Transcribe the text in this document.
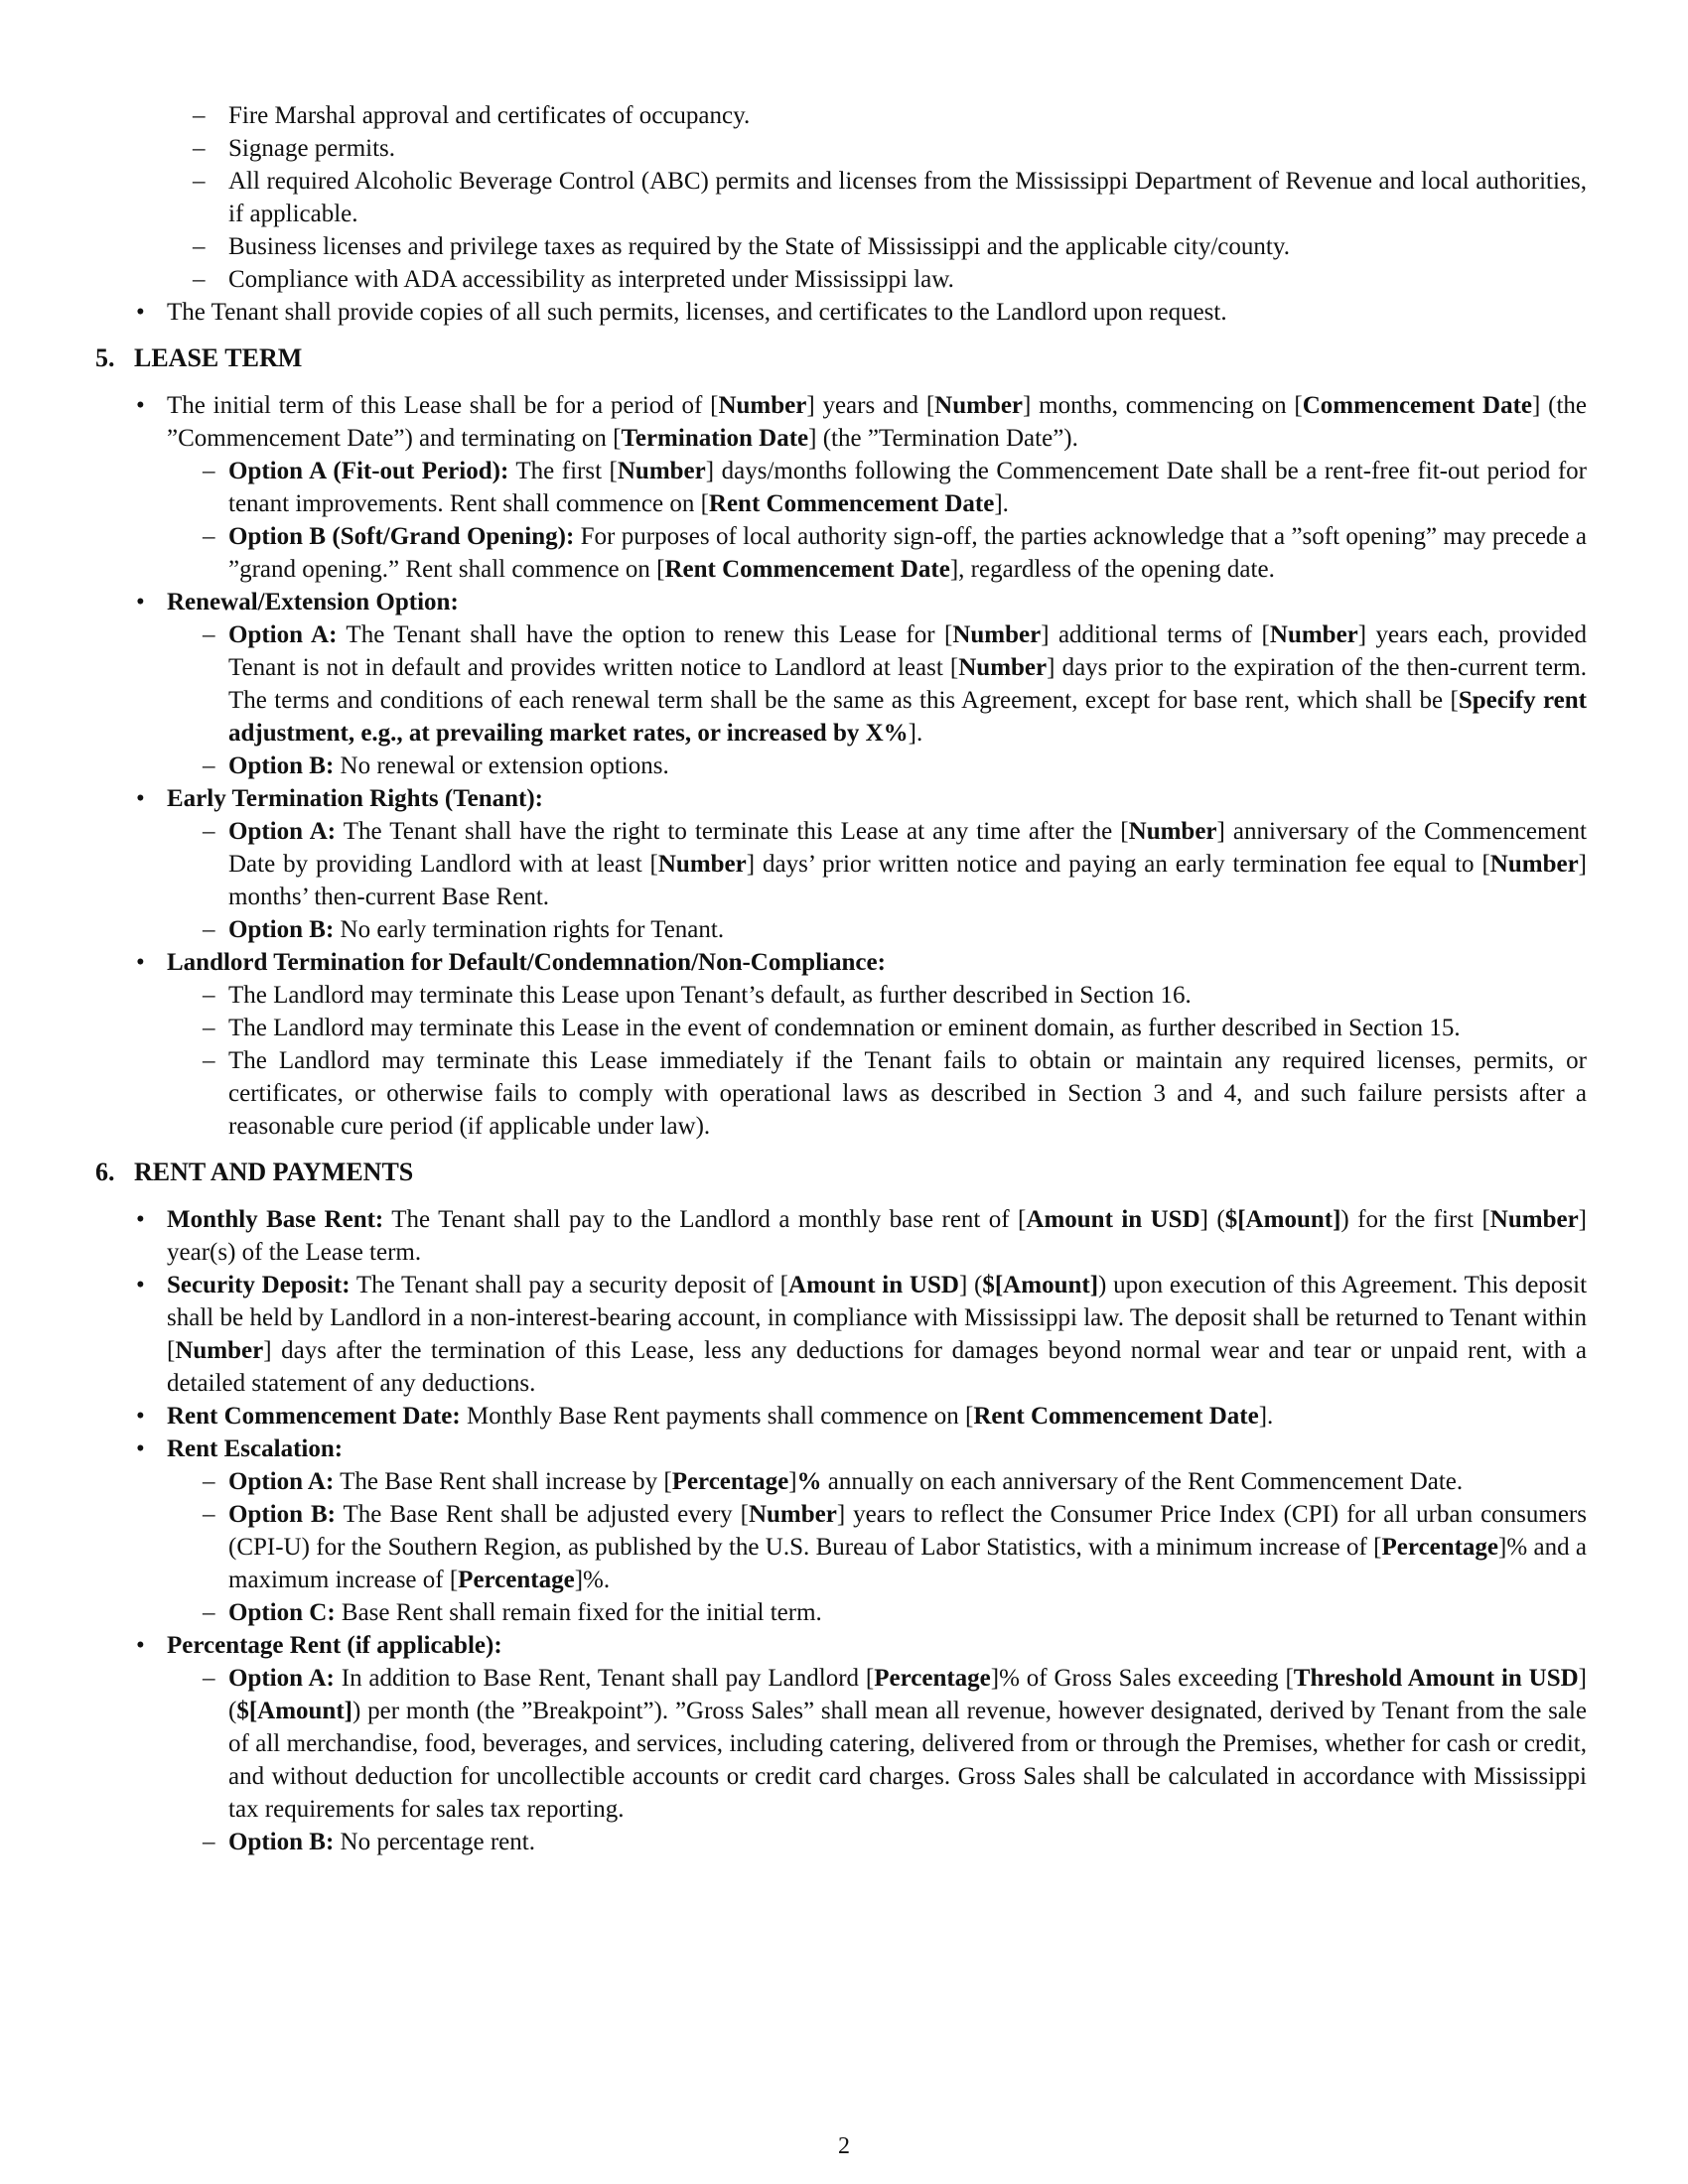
– Fire Marshal approval and certificates of occupancy.
– Signage permits.
– All required Alcoholic Beverage Control (ABC) permits and licenses from the Mississippi Department of Revenue and local authorities, if applicable.
– Business licenses and privilege taxes as required by the State of Mississippi and the applicable city/county.
– Compliance with ADA accessibility as interpreted under Mississippi law.
• The Tenant shall provide copies of all such permits, licenses, and certificates to the Landlord upon request.
5. LEASE TERM
• The initial term of this Lease shall be for a period of [Number] years and [Number] months, commencing on [Commencement Date] (the ”Commencement Date”) and terminating on [Termination Date] (the ”Termination Date”).
– Option A (Fit-out Period): The first [Number] days/months following the Commencement Date shall be a rent-free fit-out period for tenant improvements. Rent shall commence on [Rent Commencement Date].
– Option B (Soft/Grand Opening): For purposes of local authority sign-off, the parties acknowledge that a ”soft opening” may precede a ”grand opening.” Rent shall commence on [Rent Commencement Date], regardless of the opening date.
• Renewal/Extension Option:
– Option A: The Tenant shall have the option to renew this Lease for [Number] additional terms of [Number] years each, provided Tenant is not in default and provides written notice to Landlord at least [Number] days prior to the expiration of the then-current term. The terms and conditions of each renewal term shall be the same as this Agreement, except for base rent, which shall be [Specify rent adjustment, e.g., at prevailing market rates, or increased by X%].
– Option B: No renewal or extension options.
• Early Termination Rights (Tenant):
– Option A: The Tenant shall have the right to terminate this Lease at any time after the [Number] anniversary of the Commencement Date by providing Landlord with at least [Number] days’ prior written notice and paying an early termination fee equal to [Number] months’ then-current Base Rent.
– Option B: No early termination rights for Tenant.
• Landlord Termination for Default/Condemnation/Non-Compliance:
– The Landlord may terminate this Lease upon Tenant’s default, as further described in Section 16.
– The Landlord may terminate this Lease in the event of condemnation or eminent domain, as further described in Section 15.
– The Landlord may terminate this Lease immediately if the Tenant fails to obtain or maintain any required licenses, permits, or certificates, or otherwise fails to comply with operational laws as described in Section 3 and 4, and such failure persists after a reasonable cure period (if applicable under law).
6. RENT AND PAYMENTS
• Monthly Base Rent: The Tenant shall pay to the Landlord a monthly base rent of [Amount in USD] ($[Amount]) for the first [Number] year(s) of the Lease term.
• Security Deposit: The Tenant shall pay a security deposit of [Amount in USD] ($[Amount]) upon execution of this Agreement. This deposit shall be held by Landlord in a non-interest-bearing account, in compliance with Mississippi law. The deposit shall be returned to Tenant within [Number] days after the termination of this Lease, less any deductions for damages beyond normal wear and tear or unpaid rent, with a detailed statement of any deductions.
• Rent Commencement Date: Monthly Base Rent payments shall commence on [Rent Commencement Date].
• Rent Escalation:
– Option A: The Base Rent shall increase by [Percentage]% annually on each anniversary of the Rent Commencement Date.
– Option B: The Base Rent shall be adjusted every [Number] years to reflect the Consumer Price Index (CPI) for all urban consumers (CPI-U) for the Southern Region, as published by the U.S. Bureau of Labor Statistics, with a minimum increase of [Percentage]% and a maximum increase of [Percentage]%.
– Option C: Base Rent shall remain fixed for the initial term.
• Percentage Rent (if applicable):
– Option A: In addition to Base Rent, Tenant shall pay Landlord [Percentage]% of Gross Sales exceeding [Threshold Amount in USD] ($[Amount]) per month (the ”Breakpoint”). ”Gross Sales” shall mean all revenue, however designated, derived by Tenant from the sale of all merchandise, food, beverages, and services, including catering, delivered from or through the Premises, whether for cash or credit, and without deduction for uncollectible accounts or credit card charges. Gross Sales shall be calculated in accordance with Mississippi tax requirements for sales tax reporting.
– Option B: No percentage rent.
2
